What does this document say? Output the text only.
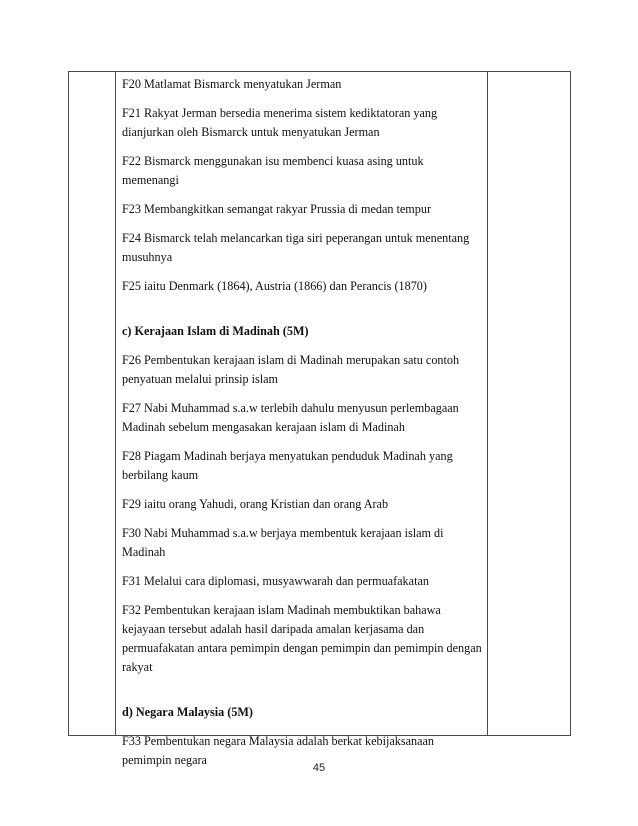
F20 Matlamat Bismarck menyatukan Jerman

F21 Rakyat Jerman bersedia menerima sistem kediktatoran yang dianjurkan oleh Bismarck untuk menyatukan Jerman

F22 Bismarck menggunakan isu membenci kuasa asing untuk memenangi

F23 Membangkitkan semangat rakyar Prussia di medan tempur

F24 Bismarck telah melancarkan tiga siri peperangan untuk menentang musuhnya

F25 iaitu Denmark (1864), Austria (1866) dan Perancis (1870)

c) Kerajaan Islam di Madinah (5M)

F26 Pembentukan kerajaan islam di Madinah merupakan satu contoh penyatuan melalui prinsip islam

F27 Nabi Muhammad s.a.w terlebih dahulu menyusun perlembagaan Madinah sebelum mengasakan kerajaan islam di Madinah

F28 Piagam Madinah berjaya menyatukan penduduk Madinah yang berbilang kaum

F29 iaitu orang Yahudi, orang Kristian dan orang Arab

F30 Nabi Muhammad s.a.w berjaya membentuk kerajaan islam di Madinah

F31 Melalui cara diplomasi, musyawwarah dan permuafakatan

F32 Pembentukan kerajaan islam Madinah membuktikan bahawa kejayaan tersebut adalah hasil daripada amalan kerjasama dan permuafakatan antara pemimpin dengan pemimpin dan pemimpin dengan rakyat

d) Negara Malaysia (5M)

F33 Pembentukan negara Malaysia adalah berkat kebijaksanaan pemimpin negara

45
